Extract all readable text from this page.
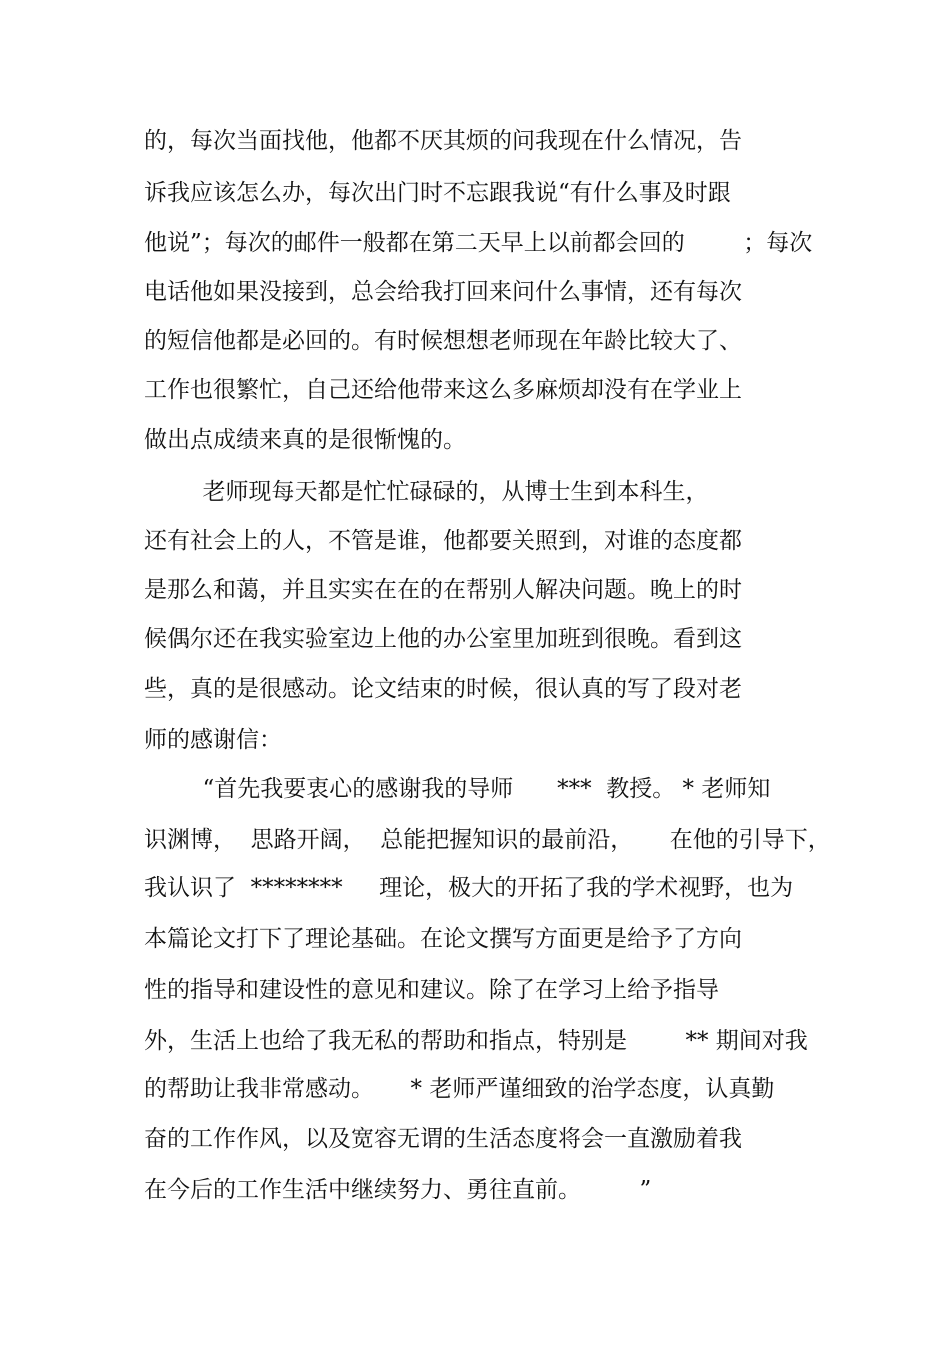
的，每次当面找他，他都不厌其烦的问我现在什么情况，告

诉我应该怎么办，每次出门时不忘跟我说“有什么事及时跟

他说”；每次的邮件一般都在第二天早上以前都会回的        ；每次

电话他如果没接到，总会给我打回来问什么事情，还有每次

的短信他都是必回的。有时候想想老师现在年龄比较大了、

工作也很繁忙，自己还给他带来这么多麻烦却没有在学业上

做出点成绩来真的是很惭愧的。

老师现每天都是忙忙碌碌的，从博士生到本科生，

还有社会上的人，不管是谁，他都要关照到，对谁的态度都

是那么和蔼，并且实实在在的在帮别人解决问题。晚上的时

候偶尔还在我实验室边上他的办公室里加班到很晚。看到这

些，真的是很感动。论文结束的时候，很认真的写了段对老

师的感谢信：

“首先我要衷心的感谢我的导师      ***  教授。 * 老师知

识渊博，  思路开阔，  总能把握知识的最前沿，     在他的引导下，

我认识了  ********     理论，极大的开拓了我的学术视野，也为

本篇论文打下了理论基础。在论文撰写方面更是给予了方向

性的指导和建设性的意见和建议。除了在学习上给予指导

外，生活上也给了我无私的帮助和指点，特别是        ** 期间对我

的帮助让我非常感动。     * 老师严谨细致的治学态度，认真勤

奋的工作作风，以及宽容无谓的生活态度将会一直激励着我

在今后的工作生活中继续努力、勇往直前。        ”
